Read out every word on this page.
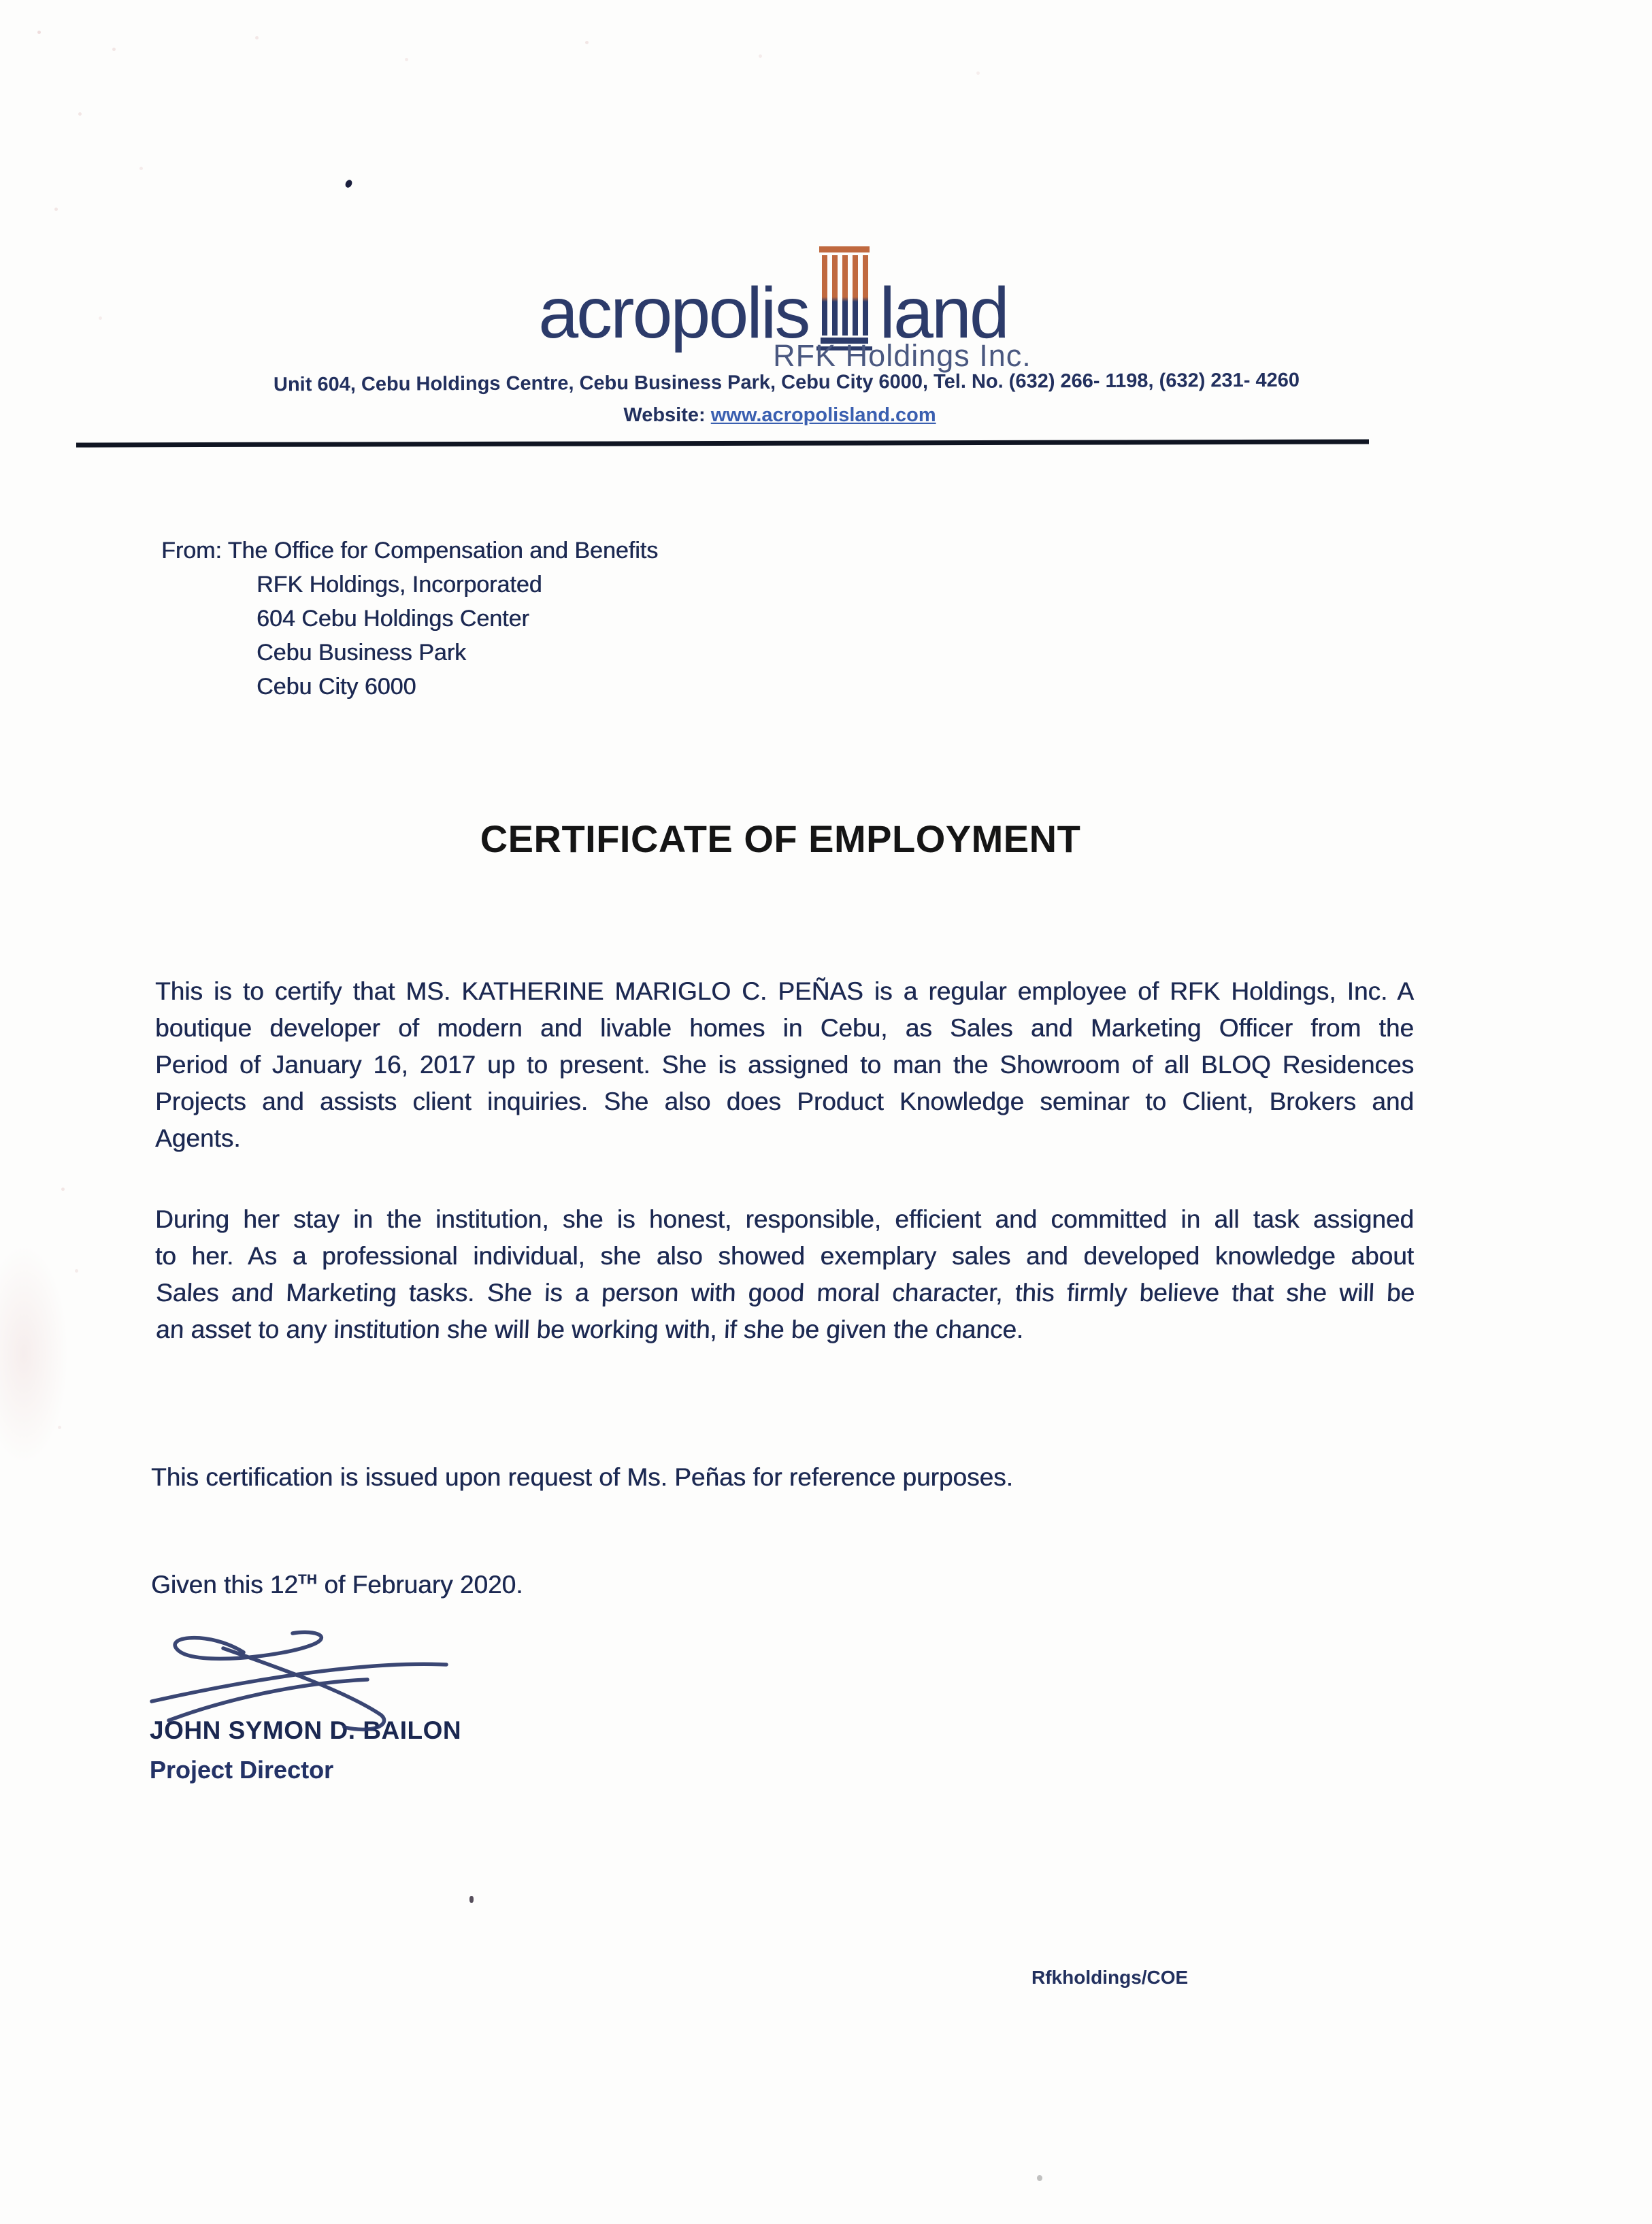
acropolis land
RFK Holdings Inc.
Unit 604, Cebu Holdings Centre, Cebu Business Park, Cebu City 6000, Tel. No. (632) 266- 1198, (632) 231- 4260
Website: www.acropolisland.com
From: The Office for Compensation and Benefits
RFK Holdings, Incorporated
604 Cebu Holdings Center
Cebu Business Park
Cebu City 6000
CERTIFICATE OF EMPLOYMENT
This is to certify that MS. KATHERINE MARIGLO C. PEÑAS is a regular employee of RFK Holdings, Inc. A
boutique developer of modern and livable homes in Cebu, as Sales and Marketing Officer from the
Period of January 16, 2017 up to present. She is assigned to man the Showroom of all BLOQ Residences
Projects and assists client inquiries. She also does Product Knowledge seminar to Client, Brokers and
Agents.
During her stay in the institution, she is honest, responsible, efficient and committed in all task assigned
to her. As a professional individual, she also showed exemplary sales and developed knowledge about
Sales and Marketing tasks. She is a person with good moral character, this firmly believe that she will be
an asset to any institution she will be working with, if she be given the chance.
This certification is issued upon request of Ms. Peñas for reference purposes.
Given this 12TH of February 2020.
JOHN SYMON D. BAILON
Project Director
Rfkholdings/COE
